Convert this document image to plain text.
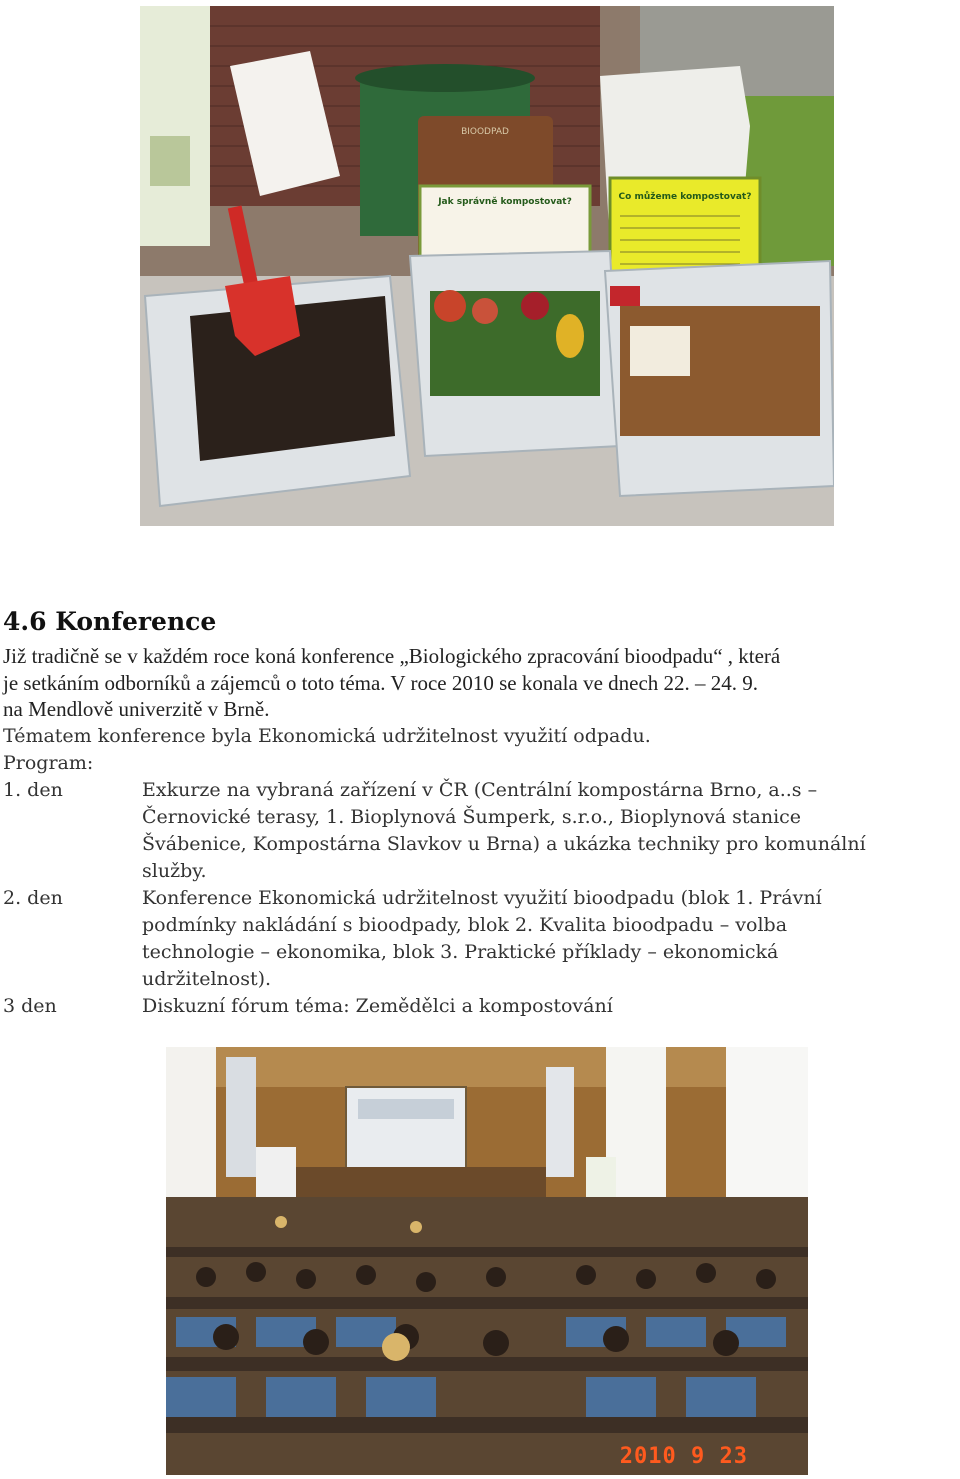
BIOODPAD
Jak správně kompostovat?	Co můžeme kompostovat?
4.6 Konference

Již tradičně se v každém roce koná konference „Biologického zpracování bioodpadu“ , která

je setkáním odborníků a zájemců o toto téma. V roce 2010 se konala ve dnech 22. – 24. 9.

na Mendlově univerzitě v Brně.

Tématem konference byla Ekonomická udržitelnost využití odpadu.

Program:

1. den	Exkurze na vybraná zařízení v ČR (Centrální kompostárna Brno, a..s –
Černovické terasy, 1. Bioplynová Šumperk, s.r.o., Bioplynová stanice
Švábenice, Kompostárna Slavkov u Brna) a ukázka techniky pro komunální
služby.
2. den	Konference Ekonomická udržitelnost využití bioodpadu (blok 1. Právní
podmínky nakládání s bioodpady, blok 2. Kvalita bioodpadu – volba
technologie – ekonomika, blok 3. Praktické příklady – ekonomická
udržitelnost).
3 den	Diskuzní fórum téma: Zemědělci a kompostování
2010 9 23
